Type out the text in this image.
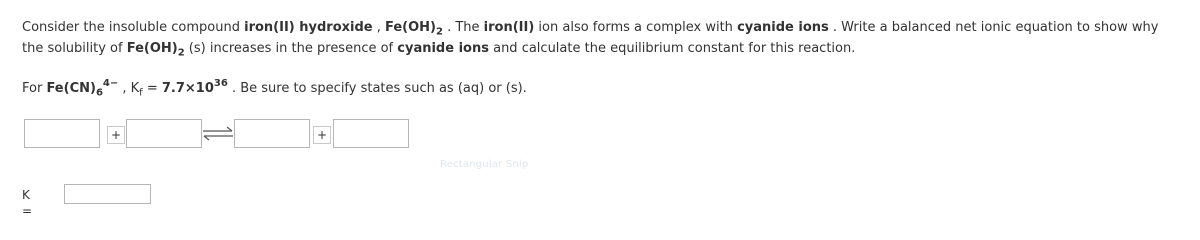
Consider the insoluble compound iron(II) hydroxide , $Fe(OH)_2$ . The iron(II) ion also forms a complex with cyanide ions . Write a balanced net ionic equation to show why the solubility of $Fe(OH)_2$ (s) increases in the presence of cyanide ions and calculate the equilibrium constant for this reaction.
For $Fe(CN)_6^{4-}$ , $K_f = 7.7\times 10^{36}$ . Be sure to specify states such as (aq) or (s).
+	+
Rectangular Snip
K =
